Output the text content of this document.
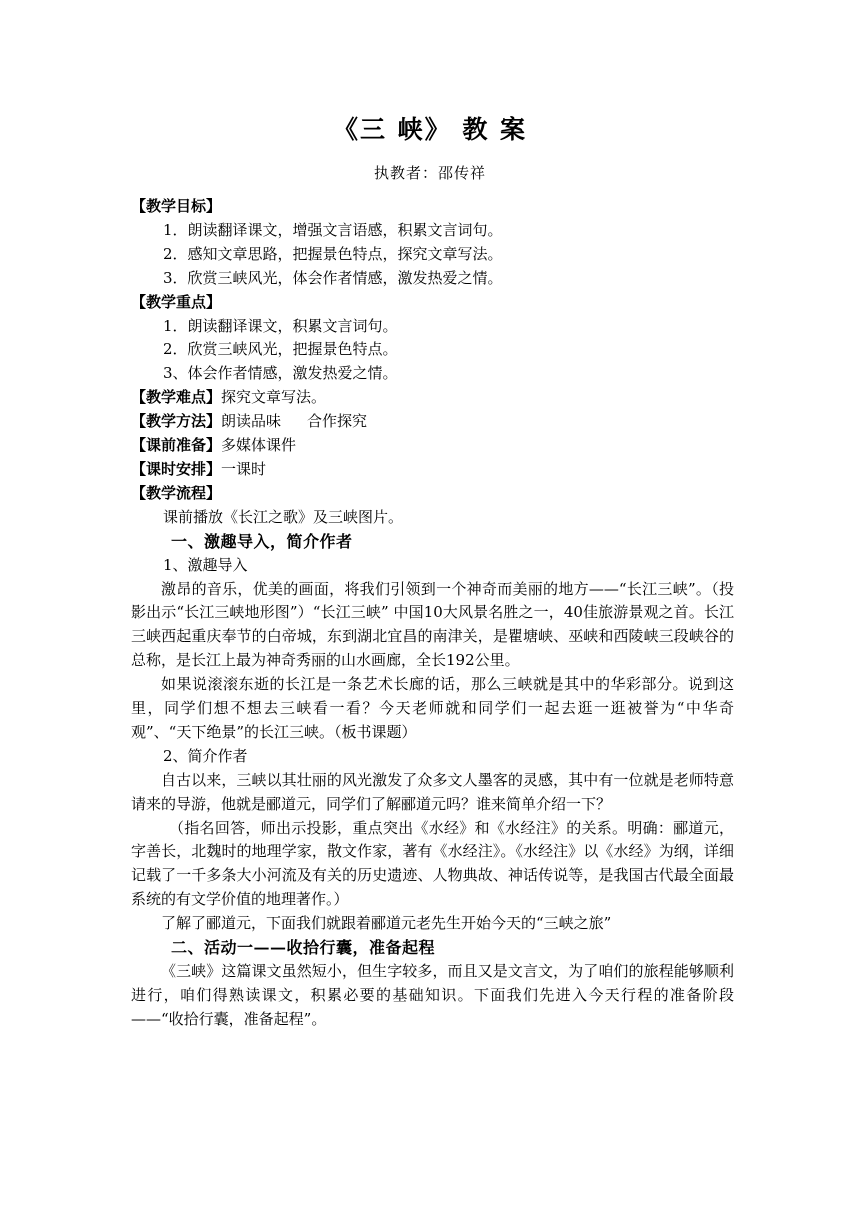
《三 峡》 教 案
执教者：邵传祥
【教学目标】
1．朗读翻译课文，增强文言语感，积累文言词句。
2．感知文章思路，把握景色特点，探究文章写法。
3．欣赏三峡风光，体会作者情感，激发热爱之情。
【教学重点】
1．朗读翻译课文，积累文言词句。
2．欣赏三峡风光，把握景色特点。
3、体会作者情感，激发热爱之情。
【教学难点】探究文章写法。
【教学方法】朗读品味 合作探究
【课前准备】多媒体课件
【课时安排】一课时
【教学流程】
课前播放《长江之歌》及三峡图片。
一、激趣导入，简介作者
1、激趣导入

激昂的音乐，优美的画面，将我们引领到一个神奇而美丽的地方——“长江三峡”。（投影出示“长江三峡地形图”）“长江三峡” 中国10大风景名胜之一，40佳旅游景观之首。长江三峡西起重庆奉节的白帝城，东到湖北宜昌的南津关，是瞿塘峡、巫峡和西陵峡三段峡谷的总称，是长江上最为神奇秀丽的山水画廊，全长192公里。

如果说滚滚东逝的长江是一条艺术长廊的话，那么三峡就是其中的华彩部分。说到这里，同学们想不想去三峡看一看？今天老师就和同学们一起去逛一逛被誉为“中华奇观”、“天下绝景”的长江三峡。（板书课题）

2、简介作者

自古以来，三峡以其壮丽的风光激发了众多文人墨客的灵感，其中有一位就是老师特意请来的导游，他就是郦道元，同学们了解郦道元吗？谁来简单介绍一下？

（指名回答，师出示投影，重点突出《水经》和《水经注》的关系。明确：郦道元，字善长，北魏时的地理学家，散文作家，著有《水经注》。《水经注》以《水经》为纲，详细记载了一千多条大小河流及有关的历史遗迹、人物典故、神话传说等，是我国古代最全面最系统的有文学价值的地理著作。）

了解了郦道元，下面我们就跟着郦道元老先生开始今天的“三峡之旅”

二、活动一——收拾行囊，准备起程

《三峡》这篇课文虽然短小，但生字较多，而且又是文言文，为了咱们的旅程能够顺利进行，咱们得熟读课文，积累必要的基础知识。下面我们先进入今天行程的准备阶段——“收拾行囊，准备起程”。
